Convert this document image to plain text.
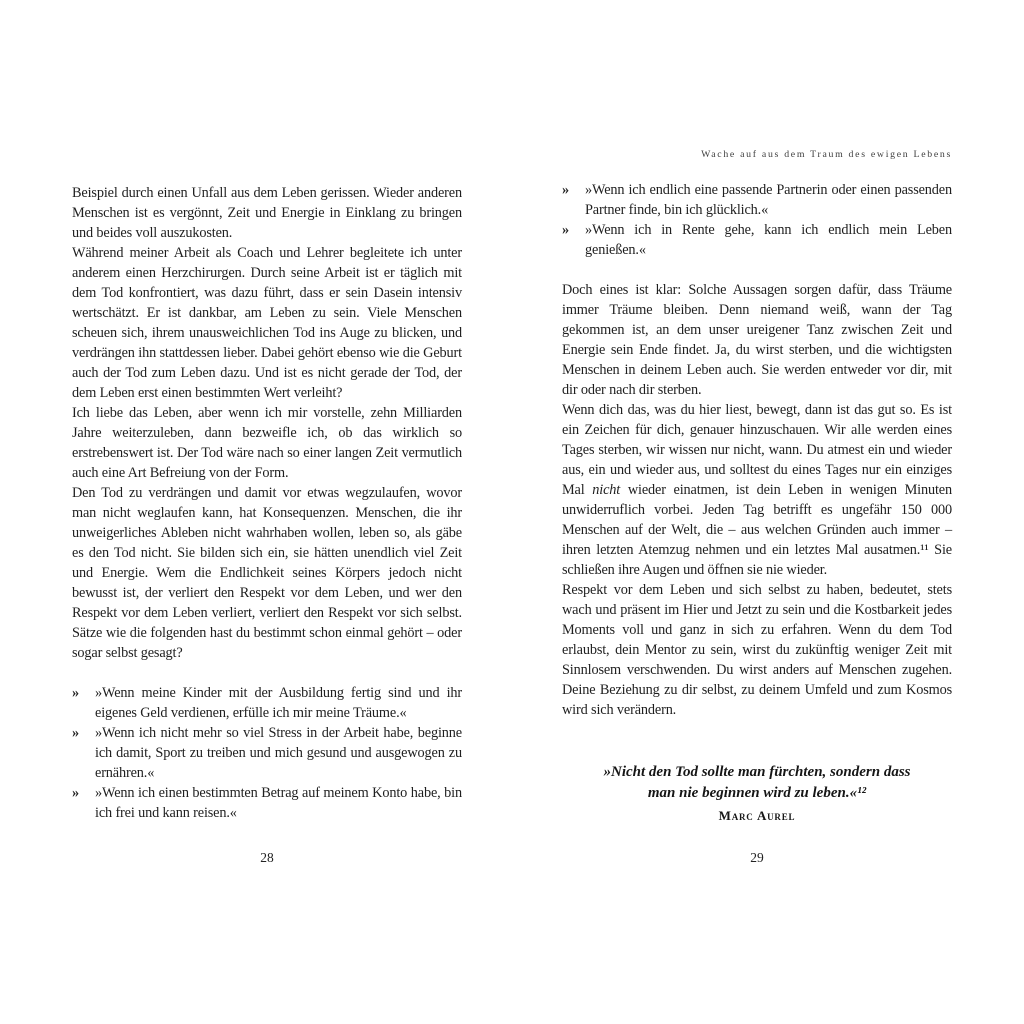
Beispiel durch einen Unfall aus dem Leben gerissen. Wieder anderen Menschen ist es vergönnt, Zeit und Energie in Einklang zu bringen und beides voll auszukosten.

Während meiner Arbeit als Coach und Lehrer begleitete ich unter anderem einen Herzchirurgen. Durch seine Arbeit ist er täglich mit dem Tod konfrontiert, was dazu führt, dass er sein Dasein intensiv wertschätzt. Er ist dankbar, am Leben zu sein. Viele Menschen scheuen sich, ihrem unausweichlichen Tod ins Auge zu blicken, und verdrängen ihn stattdessen lieber. Dabei gehört ebenso wie die Geburt auch der Tod zum Leben dazu. Und ist es nicht gerade der Tod, der dem Leben erst einen bestimmten Wert verleiht?

Ich liebe das Leben, aber wenn ich mir vorstelle, zehn Milliarden Jahre weiterzuleben, dann bezweifle ich, ob das wirklich so erstrebenswert ist. Der Tod wäre nach so einer langen Zeit vermutlich auch eine Art Befreiung von der Form.

Den Tod zu verdrängen und damit vor etwas wegzulaufen, wovor man nicht weglaufen kann, hat Konsequenzen. Menschen, die ihr unweigerliches Ableben nicht wahrhaben wollen, leben so, als gäbe es den Tod nicht. Sie bilden sich ein, sie hätten unendlich viel Zeit und Energie. Wem die Endlichkeit seines Körpers jedoch nicht bewusst ist, der verliert den Respekt vor dem Leben, und wer den Respekt vor dem Leben verliert, verliert den Respekt vor sich selbst. Sätze wie die folgenden hast du bestimmt schon einmal gehört – oder sogar selbst gesagt?

» »Wenn meine Kinder mit der Ausbildung fertig sind und ihr eigenes Geld verdienen, erfülle ich mir meine Träume.«
» »Wenn ich nicht mehr so viel Stress in der Arbeit habe, beginne ich damit, Sport zu treiben und mich gesund und ausgewogen zu ernähren.«
» »Wenn ich einen bestimmten Betrag auf meinem Konto habe, bin ich frei und kann reisen.«
28
Wache auf aus dem Traum des ewigen Lebens
» »Wenn ich endlich eine passende Partnerin oder einen passenden Partner finde, bin ich glücklich.«
» »Wenn ich in Rente gehe, kann ich endlich mein Leben genießen.«

Doch eines ist klar: Solche Aussagen sorgen dafür, dass Träume immer Träume bleiben. Denn niemand weiß, wann der Tag gekommen ist, an dem unser ureigener Tanz zwischen Zeit und Energie sein Ende findet. Ja, du wirst sterben, und die wichtigsten Menschen in deinem Leben auch. Sie werden entweder vor dir, mit dir oder nach dir sterben.

Wenn dich das, was du hier liest, bewegt, dann ist das gut so. Es ist ein Zeichen für dich, genauer hinzuschauen. Wir alle werden eines Tages sterben, wir wissen nur nicht, wann. Du atmest ein und wieder aus, ein und wieder aus, und solltest du eines Tages nur ein einziges Mal nicht wieder einatmen, ist dein Leben in wenigen Minuten unwiderruflich vorbei. Jeden Tag betrifft es ungefähr 150 000 Menschen auf der Welt, die – aus welchen Gründen auch immer – ihren letzten Atemzug nehmen und ein letztes Mal ausatmen.¹¹ Sie schließen ihre Augen und öffnen sie nie wieder.

Respekt vor dem Leben und sich selbst zu haben, bedeutet, stets wach und präsent im Hier und Jetzt zu sein und die Kostbarkeit jedes Moments voll und ganz in sich zu erfahren. Wenn du dem Tod erlaubst, dein Mentor zu sein, wirst du zukünftig weniger Zeit mit Sinnlosem verschwenden. Du wirst anders auf Menschen zugehen. Deine Beziehung zu dir selbst, zu deinem Umfeld und zum Kosmos wird sich verändern.

»Nicht den Tod sollte man fürchten, sondern dass man nie beginnen wird zu leben.«¹²
Marc Aurel
29
